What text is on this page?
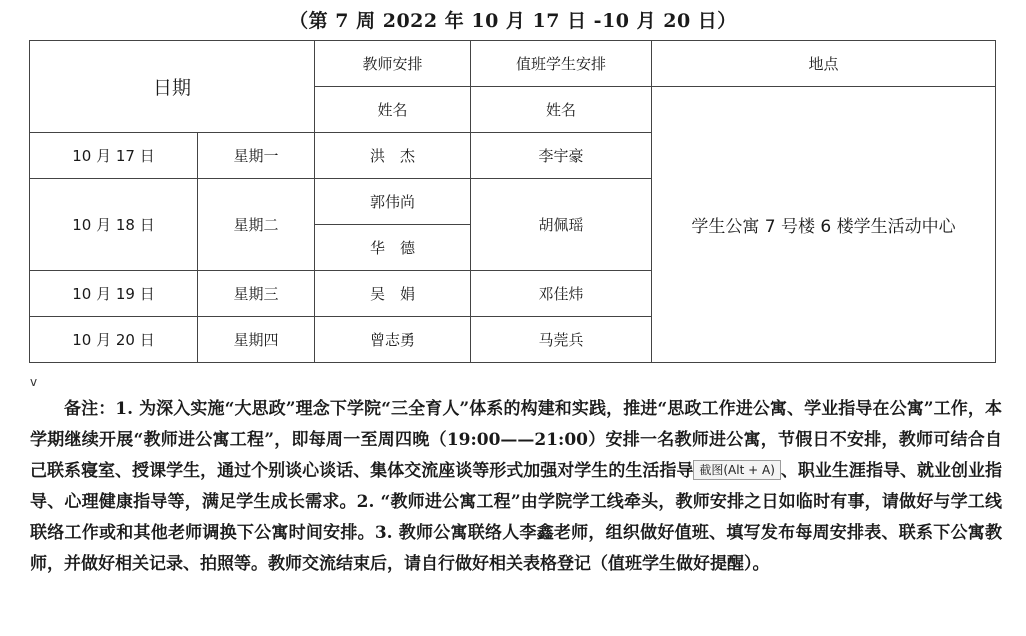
（第 7 周 2022 年 10 月 17 日 -10 月 20 日）
日期		教师安排	值班学生安排	地点
		姓名	姓名	学生公寓 7 号楼 6 楼学生活动中心
10 月 17 日	星期一	洪　杰	李宇豪	
10 月 18 日	星期二	郭伟尚	胡佩瑶	
		华　德		
10 月 19 日	星期三	吴　娟	邓佳炜	
10 月 20 日	星期四	曾志勇	马莞兵	
v

备注：1. 为深入实施“大思政”理念下学院“三全育人”体系的构建和实践，推进“思政工作进公寓、学业指导在公寓”工作，本学期继续开展“教师进公寓工程”，即每周一至周四晚（19:00——21:00）安排一名教师进公寓，节假日不安排，教师可结合自己联系寝室、授课学生，通过个别谈心谈话、集体交流座谈等形式加强对学生的生活指导 截图(Alt + A) 、职业生涯指导、就业创业指导、心理健康指导等，满足学生成长需求。2. “教师进公寓工程”由学院学工线牵头，教师安排之日如临时有事，请做好与学工线联络工作或和其他老师调换下公寓时间安排。3. 教师公寓联络人李鑫老师，组织做好值班、填写发布每周安排表、联系下公寓教师，并做好相关记录、拍照等。教师交流结束后，请自行做好相关表格登记（值班学生做好提醒）。
